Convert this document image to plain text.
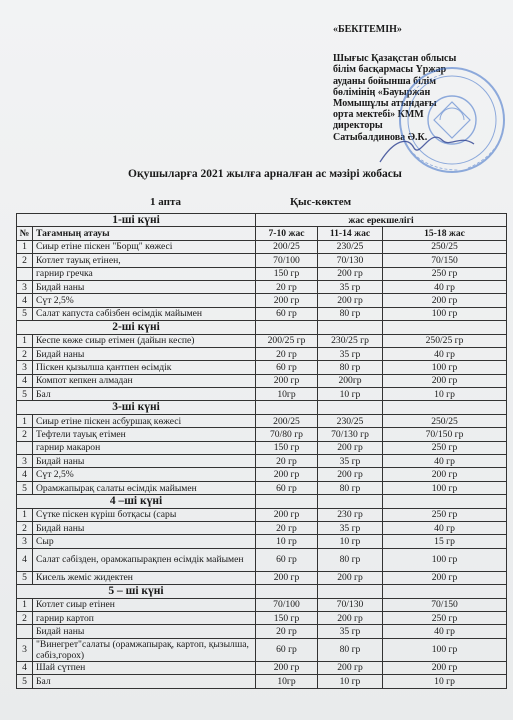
«БЕКІТЕМІН»
Шығыс Қазақстан облысы
білім басқармасы Үржар
ауданы бойынша білім
бөлімінің «Бауыржан
Момышұлы атындағы
орта мектебі» КММ
директоры
Сатыбалдинова Ә.К.
Оқушыларға 2021 жылға арналған ас мәзірі жобасы
1 апта	Қыс-көктем
1-ші күні		жас ерекшелігі		
№	Тағамның атауы	7-10 жас	11-14 жас	15-18 жас
1	Сиыр етіне піскен "Борщ" көжесі	200/25	230/25	250/25
2	Котлет тауық етінен,	70/100	70/130	70/150
	гарнир гречка	150 гр	200 гр	250 гр
3	Бидай наны	20 гр	35 гр	40 гр
4	Сүт 2,5%	200 гр	200 гр	200 гр
5	Салат капуста сәбізбен өсімдік майымен	60 гр	80 гр	100 гр
2-ші күні				
1	Кеспе көже сиыр етімен (дайын кеспе)	200/25 гр	230/25 гр	250/25 гр
2	Бидай наны	20 гр	35 гр	40 гр
3	Піскен қызылша қантпен өсімдік	60 гр	80 гр	100 гр
4	Компот кепкен алмадан	200 гр	200гр	200 гр
5	Бал	10гр	10 гр	10 гр
3-ші күні				
1	Сиыр етіне піскен асбуршақ көжесі	200/25	230/25	250/25
2	Тефтели тауық етімен	70/80 гр	70/130 гр	70/150 гр
	гарнир макарон	150 гр	200 гр	250 гр
3	Бидай наны	20 гр	35 гр	40 гр
4	Сүт 2,5%	200 гр	200 гр	200 гр
5	Орамжапырақ салаты өсімдік майымен	60 гр	80 гр	100 гр
4 –ші күні				
1	Сүтке піскен күріш ботқасы (сары	200 гр	230 гр	250 гр
2	Бидай наны	20 гр	35 гр	40 гр
3	Сыр	10 гр	10 гр	15 гр
4	Салат сәбізден, орамжапырақпен өсімдік майымен	60 гр	80 гр	100 гр
5	Кисель жеміс жидектен	200 гр	200 гр	200 гр
5 – ші күні				
1	Котлет сиыр етінен	70/100	70/130	70/150
2	гарнир картоп	150 гр	200 гр	250 гр
	Бидай наны	20 гр	35 гр	40 гр
3	"Винегрет"салаты (орамжапырақ, картоп, қызылша, сәбіз,горох)	60 гр	80 гр	100 гр
4	Шай сүтпен	200 гр	200 гр	200 гр
5	Бал	10гр	10 гр	10 гр
